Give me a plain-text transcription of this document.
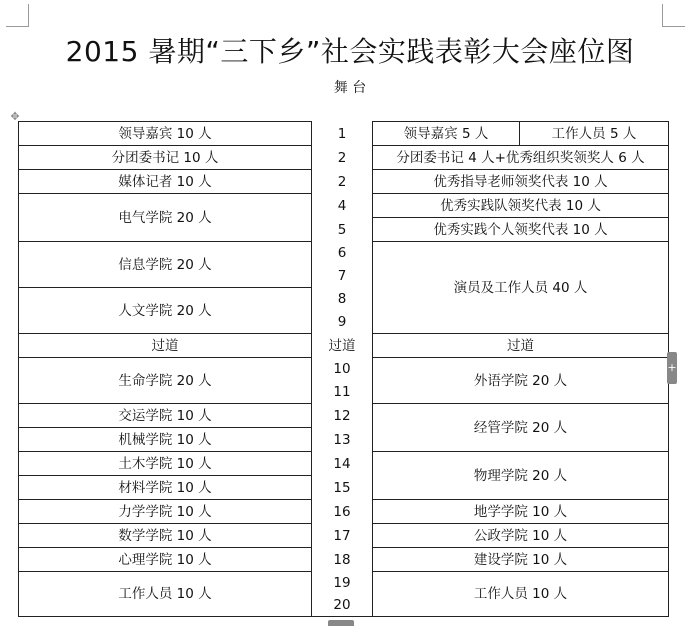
2015 暑期“三下乡”社会实践表彰大会座位图
舞 台
✥
领导嘉宾 10 人	1	领导嘉宾 5 人	工作人员 5 人
分团委书记 10 人	2	分团委书记 4 人+优秀组织奖领奖人 6 人	
媒体记者 10 人	2	优秀指导老师领奖代表 10 人	
电气学院 20 人	4	优秀实践队领奖代表 10 人	
	5	优秀实践个人领奖代表 10 人	
信息学院 20 人	6	演员及工作人员 40 人	
	7		
人文学院 20 人	8		
	9		
过道	过道	过道	
生命学院 20 人	10	外语学院 20 人	
	11		
交运学院 10 人	12	经管学院 20 人	
机械学院 10 人	13		
土木学院 10 人	14	物理学院 20 人	
材料学院 10 人	15		
力学学院 10 人	16	地学学院 10 人	
数学学院 10 人	17	公政学院 10 人	
心理学院 10 人	18	建设学院 10 人	
工作人员 10 人	19	工作人员 10 人	
	20		
+
